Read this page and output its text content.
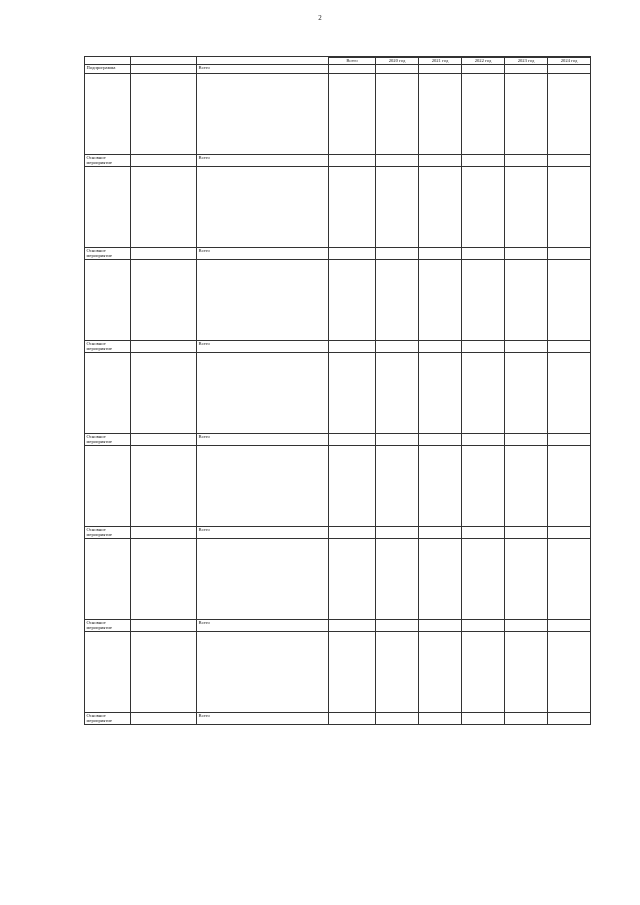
2

			Всего	2020 год	2021 год	2022 год	2023 год	2024 год
Подпрограмма		Всего						

Основное мероприятие		Всего						

Основное мероприятие		Всего						

Основное мероприятие		Всего						

Основное мероприятие		Всего						

Основное мероприятие		Всего						

Основное мероприятие		Всего						

Основное мероприятие		Всего						
